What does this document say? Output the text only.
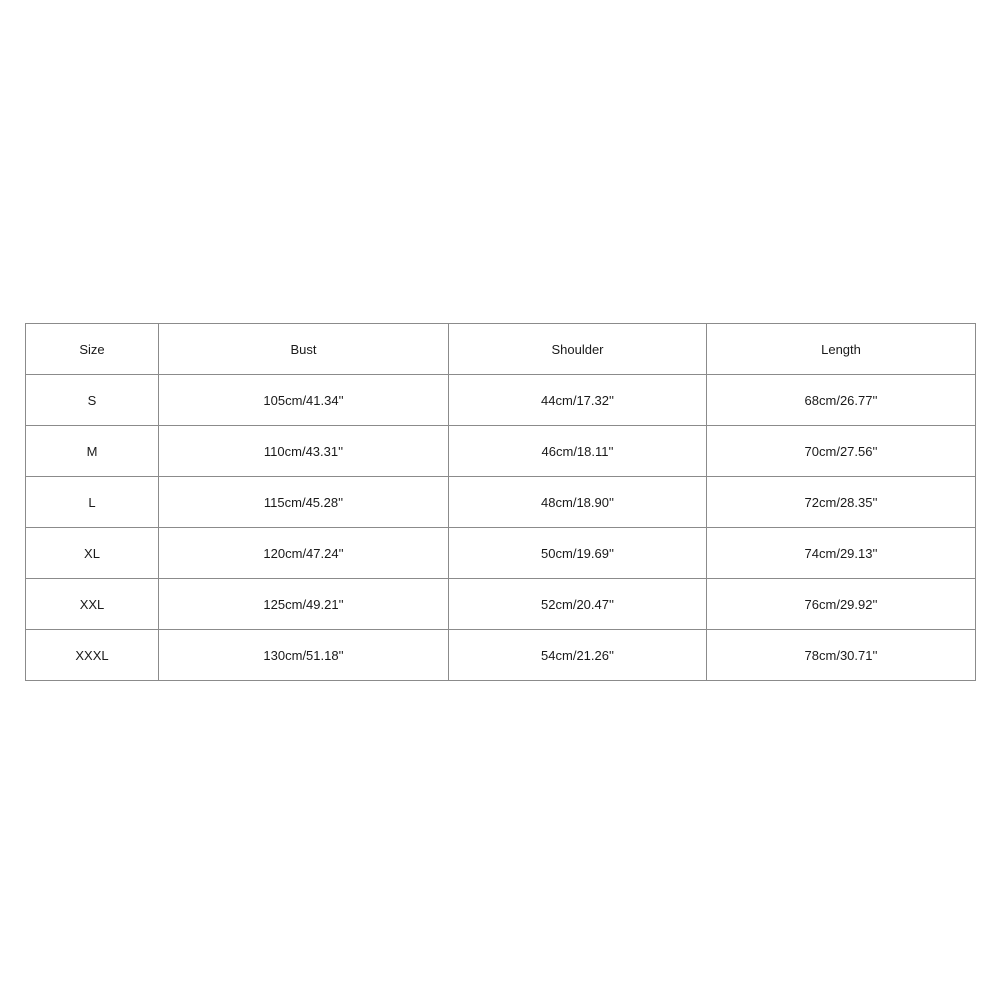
Size	Bust	Shoulder	Length
S	105cm/41.34''	44cm/17.32''	68cm/26.77''
M	110cm/43.31''	46cm/18.11''	70cm/27.56''
L	115cm/45.28''	48cm/18.90''	72cm/28.35''
XL	120cm/47.24''	50cm/19.69''	74cm/29.13''
XXL	125cm/49.21''	52cm/20.47''	76cm/29.92''
XXXL	130cm/51.18''	54cm/21.26''	78cm/30.71''
